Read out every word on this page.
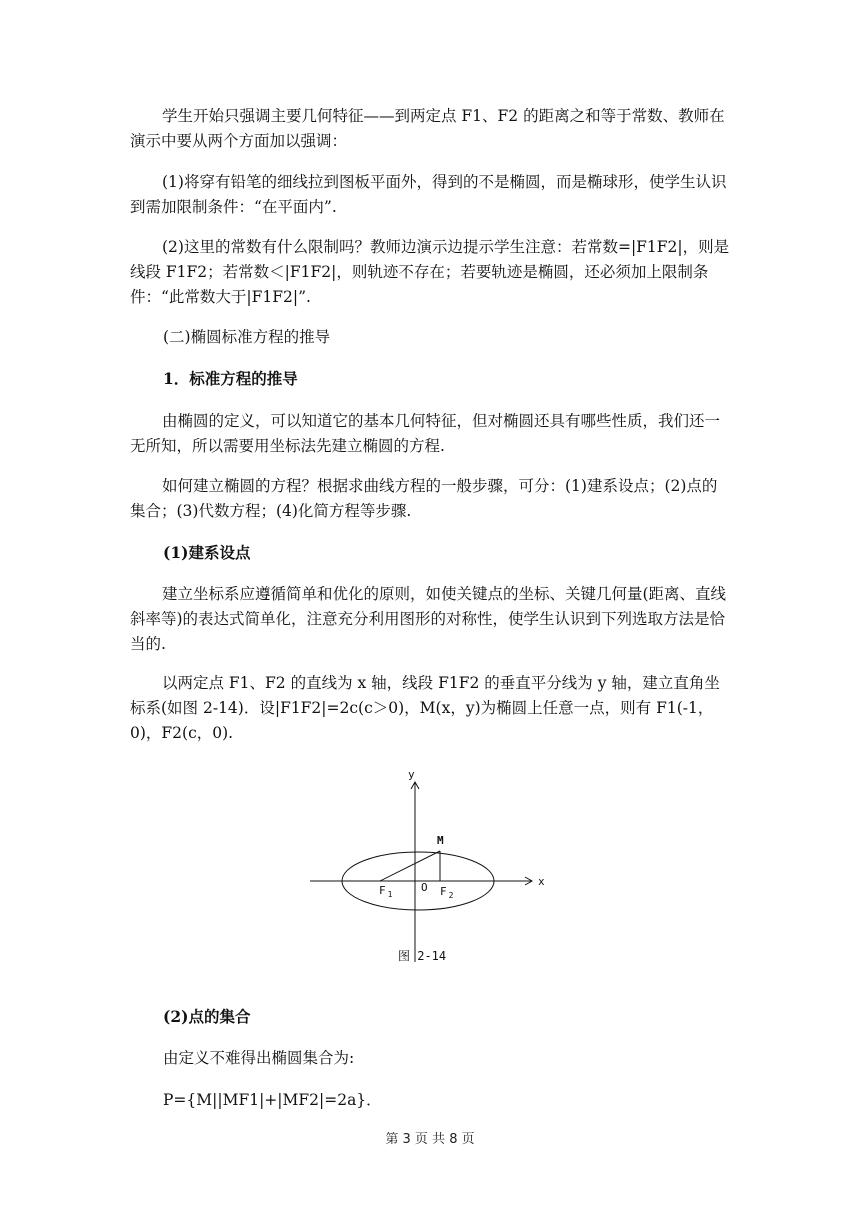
学生开始只强调主要几何特征——到两定点 F1、F2 的距离之和等于常数、教师在演示中要从两个方面加以强调：

(1)将穿有铅笔的细线拉到图板平面外，得到的不是椭圆，而是椭球形，使学生认识到需加限制条件：“在平面内”.

(2)这里的常数有什么限制吗？教师边演示边提示学生注意：若常数=|F1F2|，则是线段 F1F2；若常数＜|F1F2|，则轨迹不存在；若要轨迹是椭圆，还必须加上限制条件：“此常数大于|F1F2|”.

(二)椭圆标准方程的推导

1．标准方程的推导

由椭圆的定义，可以知道它的基本几何特征，但对椭圆还具有哪些性质，我们还一无所知，所以需要用坐标法先建立椭圆的方程.

如何建立椭圆的方程？根据求曲线方程的一般步骤，可分：(1)建系设点；(2)点的集合；(3)代数方程；(4)化简方程等步骤.

(1)建系设点

建立坐标系应遵循简单和优化的原则，如使关键点的坐标、关键几何量(距离、直线斜率等)的表达式简单化，注意充分利用图形的对称性，使学生认识到下列选取方法是恰当的.

以两定点 F1、F2 的直线为 x 轴，线段 F1F2 的垂直平分线为 y 轴，建立直角坐标系(如图 2-14)．设|F1F2|=2c(c＞0)，M(x，y)为椭圆上任意一点，则有 F1(-1，0)，F2(c，0).

y
x
M
O
F $_1$	F $_2$
图 2-14

(2)点的集合

由定义不难得出椭圆集合为:

P={M||MF1|+|MF2|=2a}．

第 3 页 共 8 页
